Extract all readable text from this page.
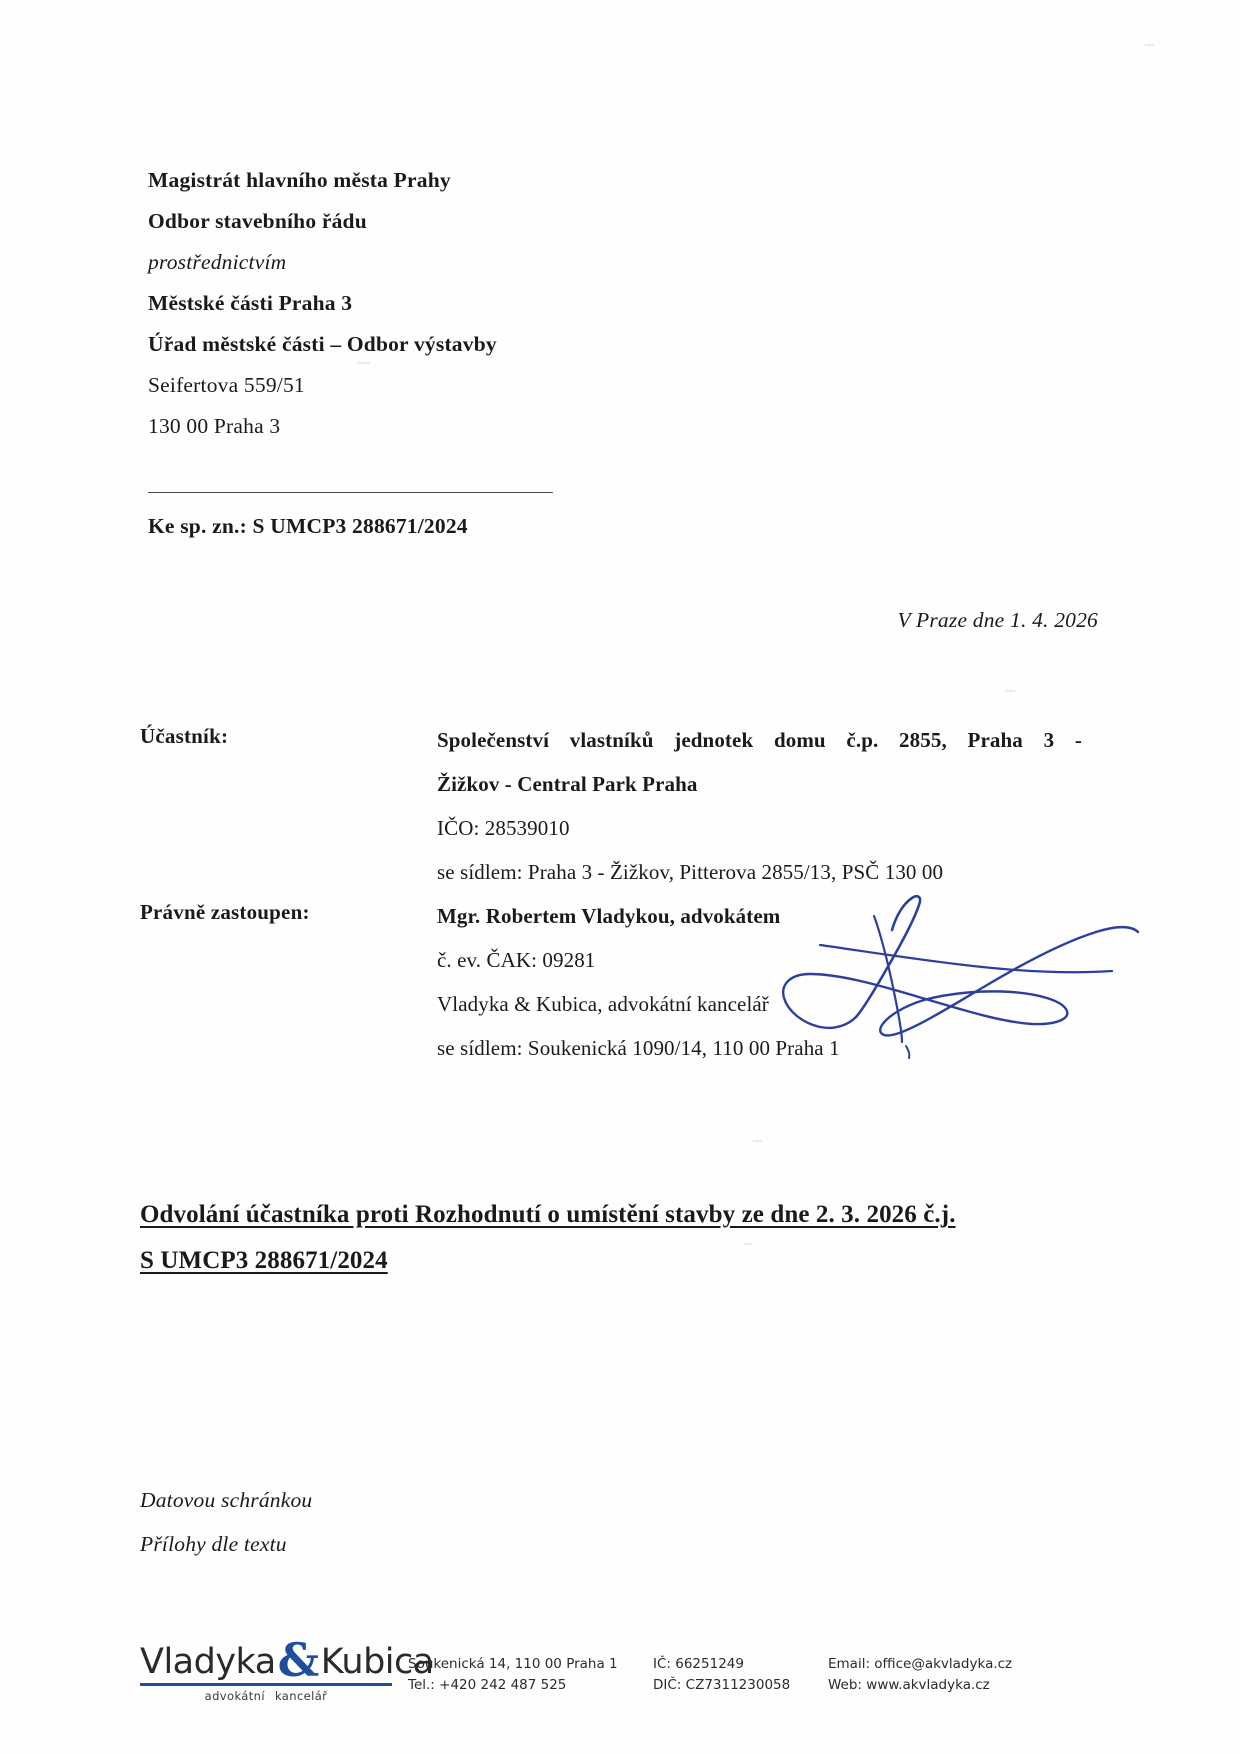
Magistrát hlavního města Prahy
Odbor stavebního řádu
prostřednictvím
Městské části Praha 3
Úřad městské části – Odbor výstavby
Seifertova 559/51
130 00 Praha 3
Ke sp. zn.: S UMCP3 288671/2024
V Praze dne 1. 4. 2026
Účastník:	Společenství vlastníků jednotek domu č.p. 2855, Praha 3 -
Žižkov - Central Park Praha
IČO: 28539010
se sídlem: Praha 3 - Žižkov, Pitterova 2855/13, PSČ 130 00
Právně zastoupen:	Mgr. Robertem Vladykou, advokátem
č. ev. ČAK: 09281
Vladyka & Kubica, advokátní kancelář
se sídlem: Soukenická 1090/14, 110 00 Praha 1
Odvolání účastníka proti Rozhodnutí o umístění stavby ze dne 2. 3. 2026 č.j.
S UMCP3 288671/2024
Datovou schránkou
Přílohy dle textu
Vladyka&Kubica
advokátní kancelář
Soukenická 14, 110 00 Praha 1
Tel.: +420 242 487 525
IČ: 66251249
DIČ: CZ7311230058
Email: office@akvladyka.cz
Web: www.akvladyka.cz
